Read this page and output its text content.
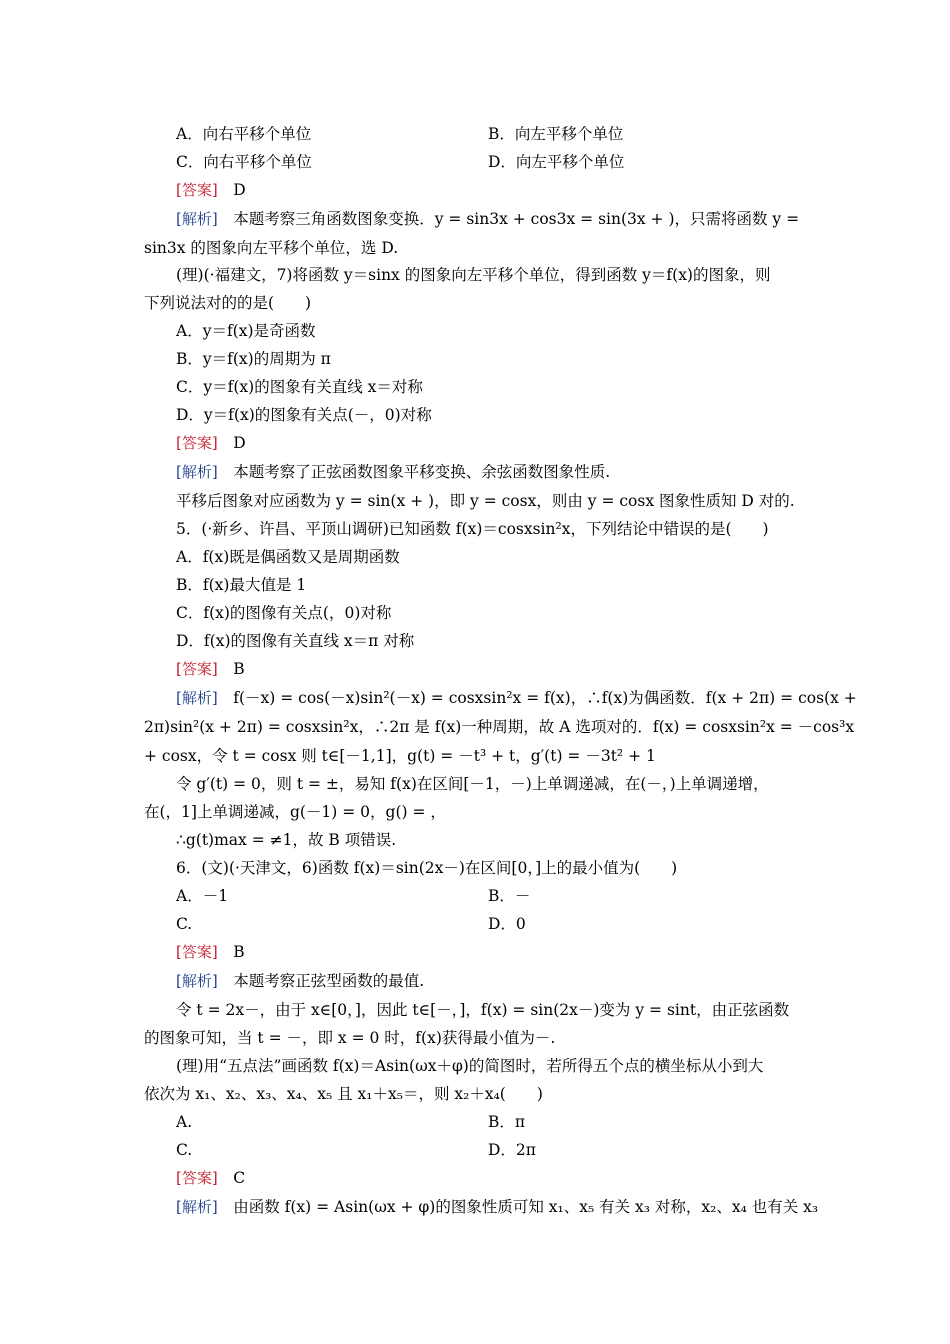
A．向右平移个单位	B．向左平移个单位
C．向右平移个单位	D．向左平移个单位
[答案]  D
[解析]  本题考察三角函数图象变换．y = sin3x + cos3x = sin(3x + )，只需将函数 y =
sin3x 的图象向左平移个单位，选 D.
(理)(·福建文，7)将函数 y＝sinx 的图象向左平移个单位，得到函数 y＝f(x)的图象，则
下列说法对的的是(　　)
A．y＝f(x)是奇函数
B．y＝f(x)的周期为 π
C．y＝f(x)的图象有关直线 x＝对称
D．y＝f(x)的图象有关点(－，0)对称
[答案]  D
[解析]  本题考察了正弦函数图象平移变换、余弦函数图象性质.
平移后图象对应函数为 y = sin(x + )，即 y = cosx，则由 y = cosx 图象性质知 D 对的.
5．(·新乡、许昌、平顶山调研)已知函数 f(x)＝cosxsin²x，下列结论中错误的是(　　)
A．f(x)既是偶函数又是周期函数
B．f(x)最大值是 1
C．f(x)的图像有关点(，0)对称
D．f(x)的图像有关直线 x＝π 对称
[答案]  B
[解析]  f(－x) = cos(－x)sin²(－x) = cosxsin²x = f(x)，∴f(x)为偶函数．f(x + 2π) = cos(x +
2π)sin²(x + 2π) = cosxsin²x，∴2π 是 f(x)一种周期，故 A 选项对的．f(x) = cosxsin²x = －cos³x
+ cosx，令 t = cosx 则 t∈[－1,1]，g(t) = －t³ + t，g′(t) = －3t² + 1
令 g′(t) = 0，则 t = ±，易知 f(x)在区间[－1，－)上单调递减，在(－，)上单调递增，
在(，1]上单调递减，g(－1) = 0，g() = ，
∴g(t)max = ≠1，故 B 项错误.
6．(文)(·天津文，6)函数 f(x)＝sin(2x－)在区间[0，]上的最小值为(　　)
A．－1	B．－
C.	D．0
[答案]  B
[解析]  本题考察正弦型函数的最值.
令 t = 2x－，由于 x∈[0，]，因此 t∈[－，]，f(x) = sin(2x－)变为 y = sint，由正弦函数
的图象可知，当 t = －，即 x = 0 时，f(x)获得最小值为－.
(理)用“五点法”画函数 f(x)＝Asin(ωx＋φ)的简图时，若所得五个点的横坐标从小到大
依次为 x₁、x₂、x₃、x₄、x₅ 且 x₁＋x₅＝，则 x₂＋x₄(　　)
A.	B．π
C.	D．2π
[答案]  C
[解析]  由函数 f(x) = Asin(ωx + φ)的图象性质可知 x₁、x₅ 有关 x₃ 对称，x₂、x₄ 也有关 x₃
